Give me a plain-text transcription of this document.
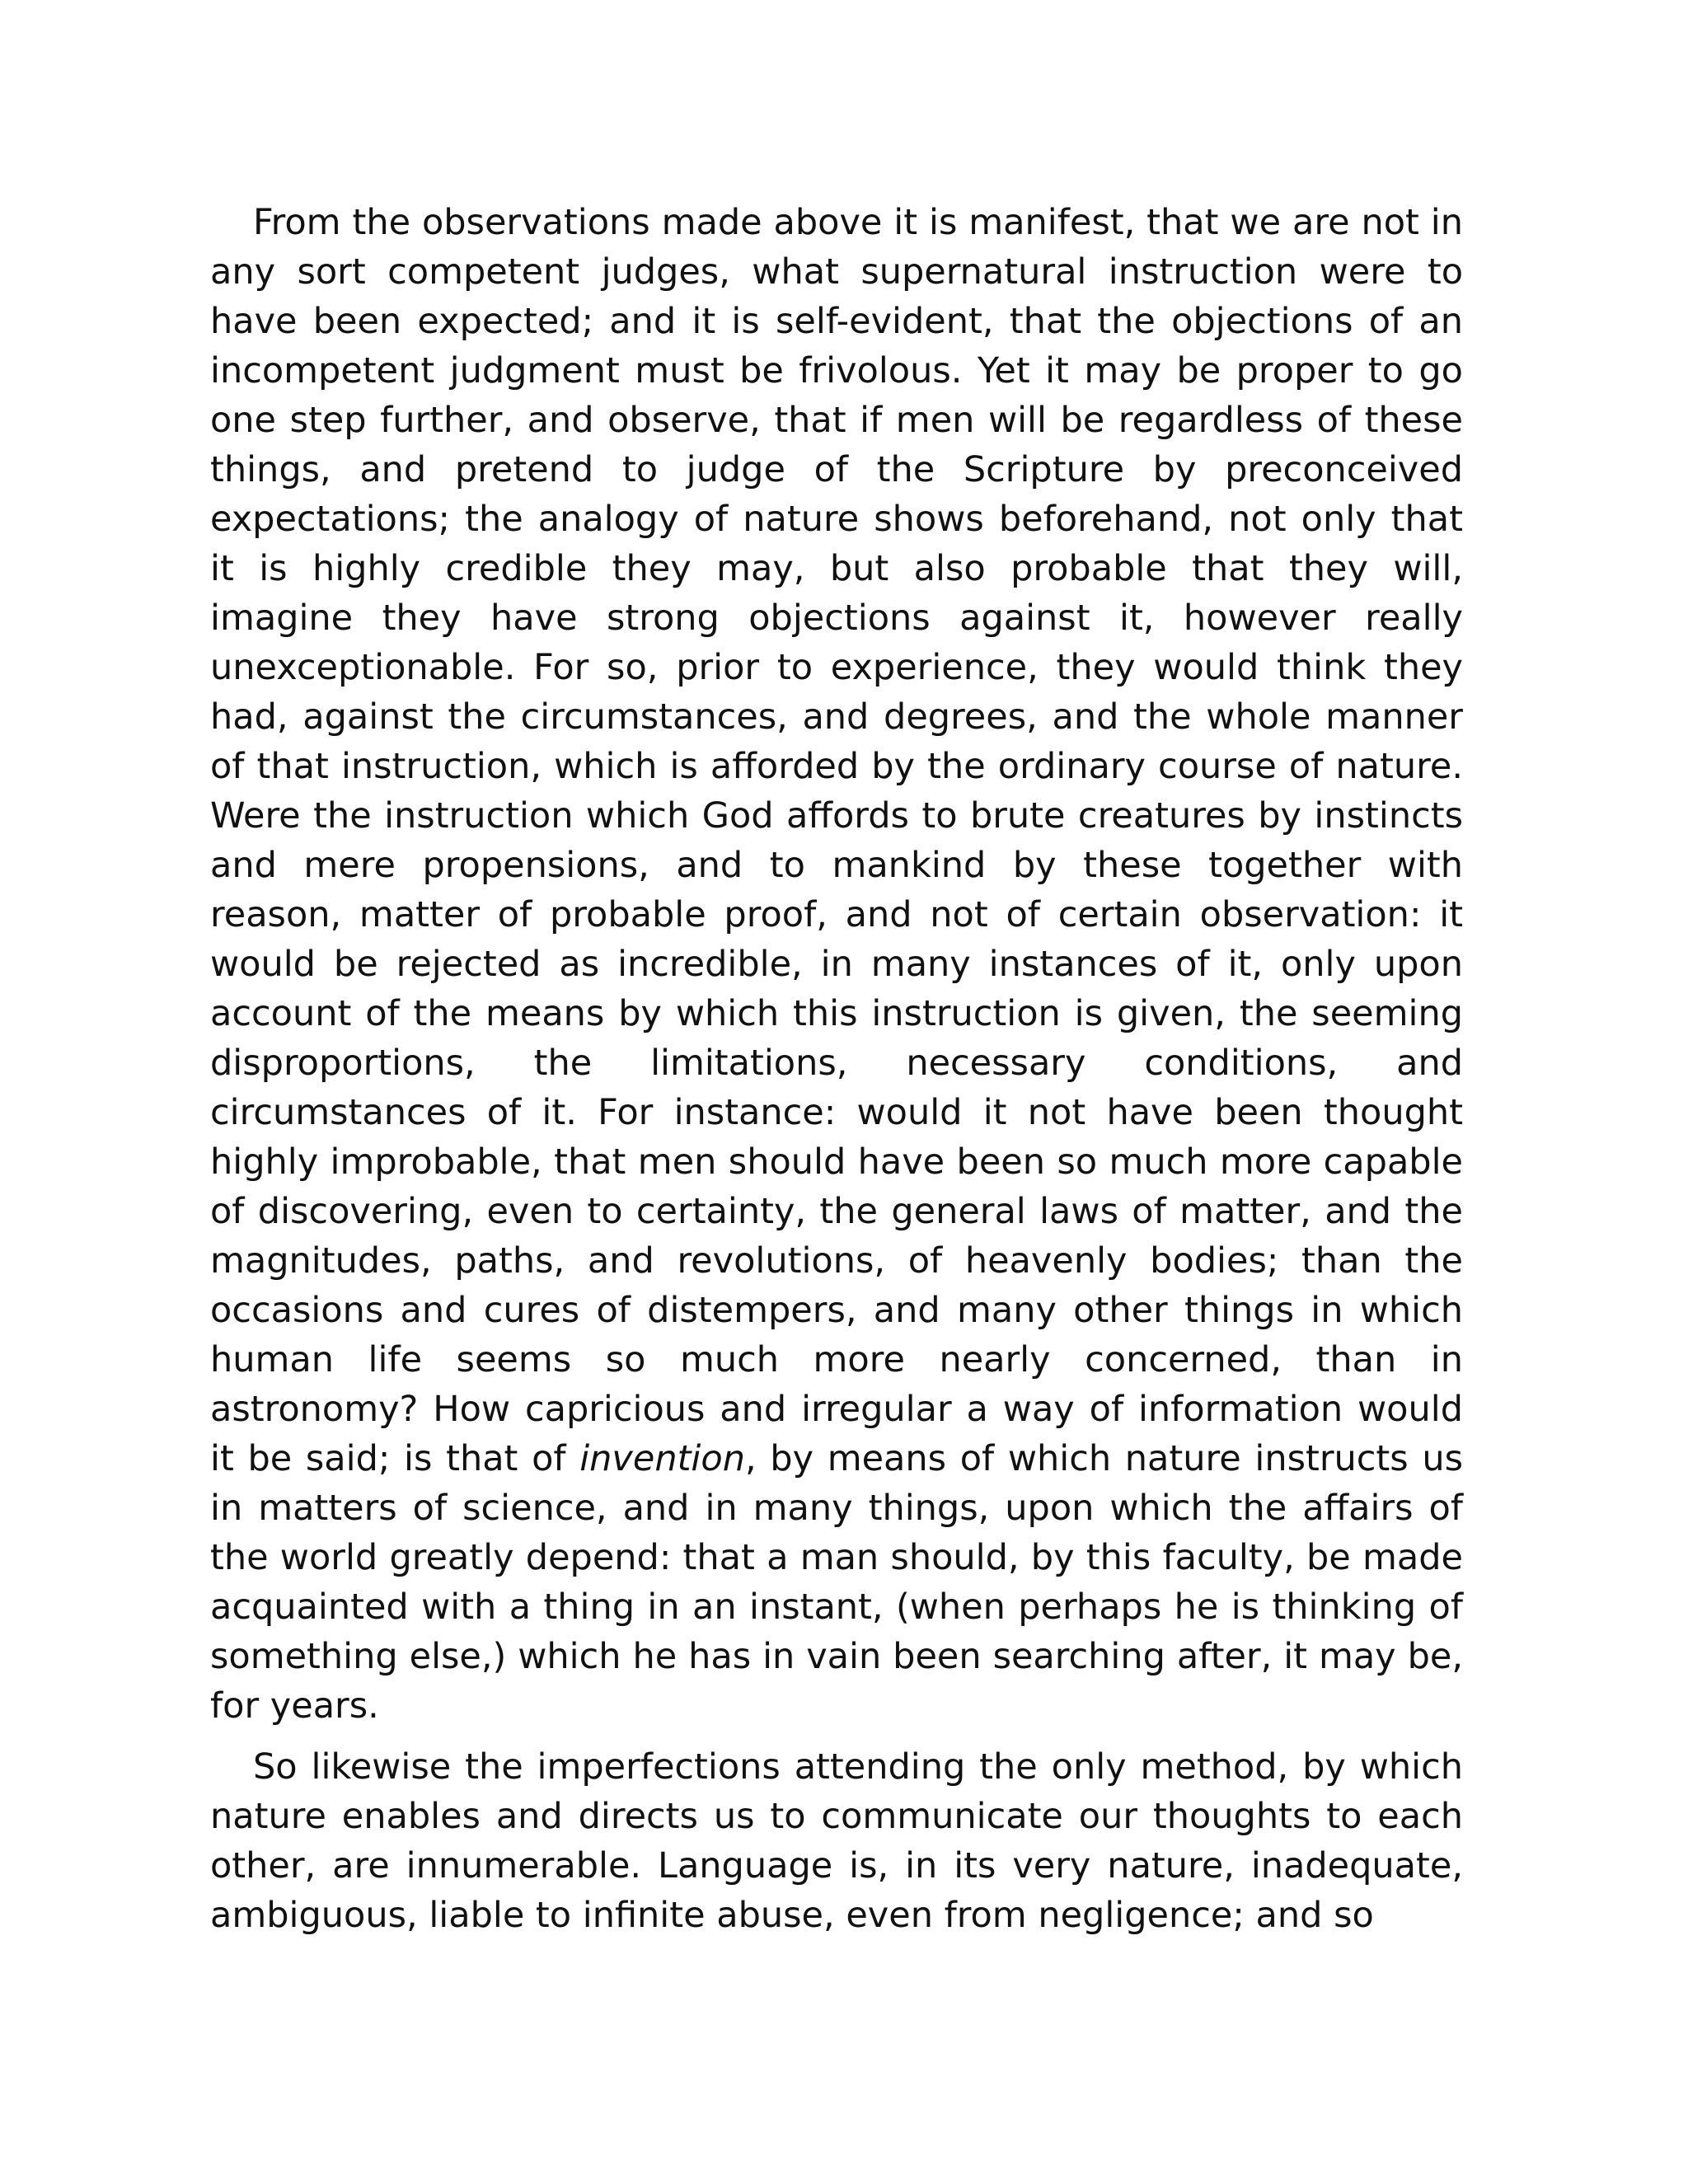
From the observations made above it is manifest, that we are not in any sort competent judges, what supernatural instruction were to have been expected; and it is self-evident, that the objections of an incompetent judgment must be frivolous. Yet it may be proper to go one step further, and observe, that if men will be regardless of these things, and pretend to judge of the Scripture by preconceived expectations; the analogy of nature shows beforehand, not only that it is highly credible they may, but also probable that they will, imagine they have strong objections against it, however really unexceptionable. For so, prior to experience, they would think they had, against the circumstances, and degrees, and the whole manner of that instruction, which is afforded by the ordinary course of nature. Were the instruction which God affords to brute creatures by instincts and mere propensions, and to mankind by these together with reason, matter of probable proof, and not of certain observation: it would be rejected as incredible, in many instances of it, only upon account of the means by which this instruction is given, the seeming disproportions, the limitations, necessary conditions, and circumstances of it. For instance: would it not have been thought highly improbable, that men should have been so much more capable of discovering, even to certainty, the general laws of matter, and the magnitudes, paths, and revolutions, of heavenly bodies; than the occasions and cures of distempers, and many other things in which human life seems so much more nearly concerned, than in astronomy? How capricious and irregular a way of information would it be said; is that of invention, by means of which nature instructs us in matters of science, and in many things, upon which the affairs of the world greatly depend: that a man should, by this faculty, be made acquainted with a thing in an instant, (when perhaps he is thinking of something else,) which he has in vain been searching after, it may be, for years.

So likewise the imperfections attending the only method, by which nature enables and directs us to communicate our thoughts to each other, are innumerable. Language is, in its very nature, inadequate, ambiguous, liable to infinite abuse, even from negligence; and so
